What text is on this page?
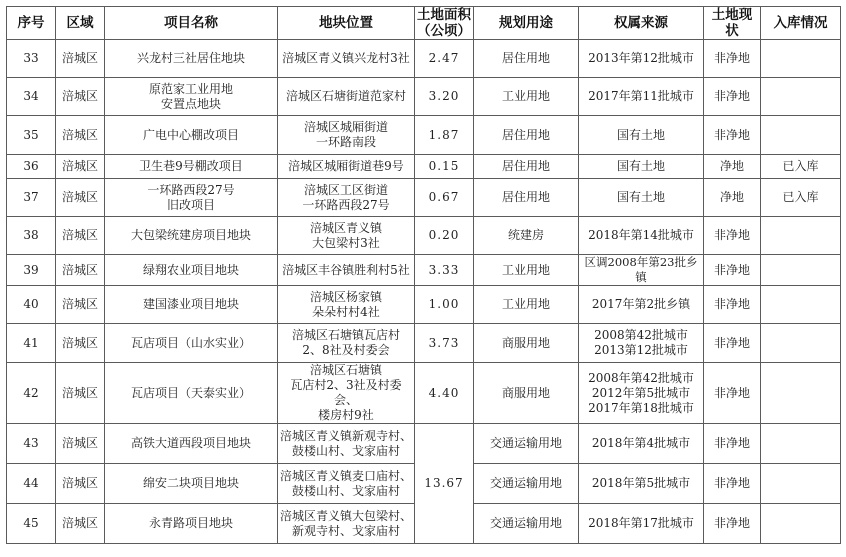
序号	区域	项目名称	地块位置	土地面积
（公顷）	规划用途	权属来源	土地现状	入库情况
33	涪城区	兴龙村三社居住地块	涪城区青义镇兴龙村3社	2.47	居住用地	2013年第12批城市	非净地	
34	涪城区	原范家工业用地
安置点地块	涪城区石塘街道范家村	3.20	工业用地	2017年第11批城市	非净地	
35	涪城区	广电中心棚改项目	涪城区城厢街道
一环路南段	1.87	居住用地	国有土地	非净地	
36	涪城区	卫生巷9号棚改项目	涪城区城厢街道巷9号	0.15	居住用地	国有土地	净地	已入库
37	涪城区	一环路西段27号
旧改项目	涪城区工区街道
一环路西段27号	0.67	居住用地	国有土地	净地	已入库
38	涪城区	大包梁统建房项目地块	涪城区青义镇
大包梁村3社	0.20	统建房	2018年第14批城市	非净地	
39	涪城区	绿翔农业项目地块	涪城区丰谷镇胜利村5社	3.33	工业用地	区调2008年第23批乡镇	非净地	
40	涪城区	建国漆业项目地块	涪城区杨家镇
朵朵村村4社	1.00	工业用地	2017年第2批乡镇	非净地	
41	涪城区	瓦店项目（山水实业）	涪城区石塘镇瓦店村
2、8社及村委会	3.73	商服用地	2008第42批城市
2013第12批城市	非净地	
42	涪城区	瓦店项目（天泰实业）	涪城区石塘镇
瓦店村2、3社及村委会、
楼房村9社	4.40	商服用地	2008年第42批城市
2012年第5批城市
2017年第18批城市	非净地	
43	涪城区	高铁大道西段项目地块	涪城区青义镇新观寺村、
鼓楼山村、戈家庙村	13.67	交通运输用地	2018年第4批城市	非净地	
44	涪城区	绵安二块项目地块	涪城区青义镇麦口庙村、
鼓楼山村、戈家庙村		交通运输用地	2018年第5批城市	非净地	
45	涪城区	永青路项目地块	涪城区青义镇大包梁村、
新观寺村、戈家庙村		交通运输用地	2018年第17批城市	非净地	
